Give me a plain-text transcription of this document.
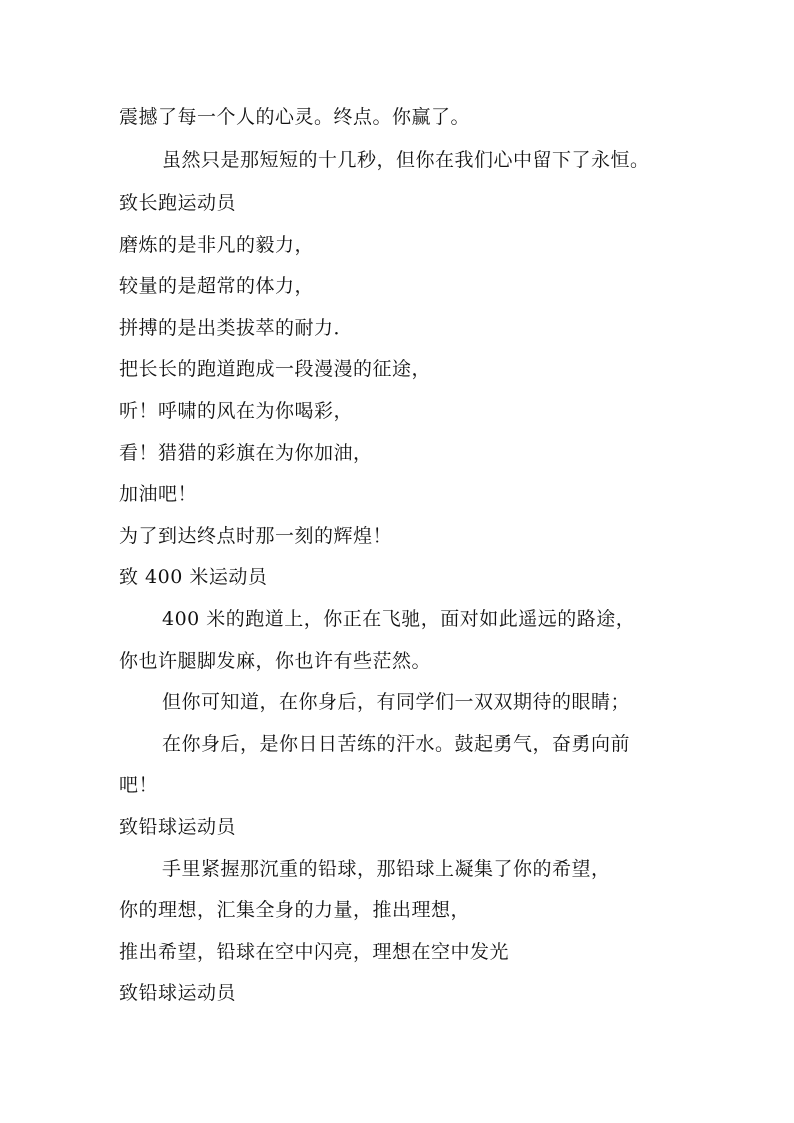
震撼了每一个人的心灵。终点。你赢了。
虽然只是那短短的十几秒，但你在我们心中留下了永恒。
致长跑运动员
磨炼的是非凡的毅力，
较量的是超常的体力，
拼搏的是出类拔萃的耐力．
把长长的跑道跑成一段漫漫的征途，
听！呼啸的风在为你喝彩，
看！猎猎的彩旗在为你加油，
加油吧！
为了到达终点时那一刻的辉煌！
致 400 米运动员
400 米的跑道上，你正在飞驰，面对如此遥远的路途，
你也许腿脚发麻，你也许有些茫然。
但你可知道，在你身后，有同学们一双双期待的眼睛；
在你身后，是你日日苦练的汗水。鼓起勇气，奋勇向前
吧！
致铅球运动员
手里紧握那沉重的铅球，那铅球上凝集了你的希望，
你的理想，汇集全身的力量，推出理想，
推出希望，铅球在空中闪亮，理想在空中发光
致铅球运动员
